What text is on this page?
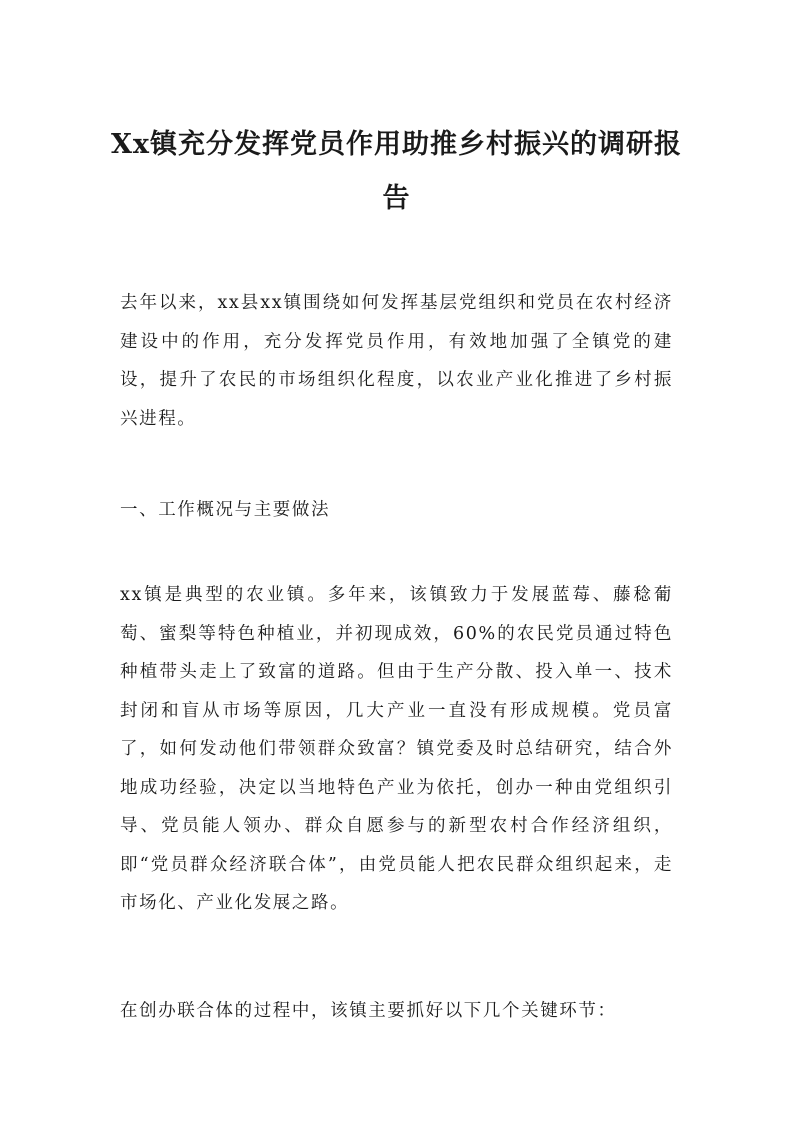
Xx镇充分发挥党员作用助推乡村振兴的调研报告

去年以来，xx县xx镇围绕如何发挥基层党组织和党员在农村经济建设中的作用，充分发挥党员作用，有效地加强了全镇党的建设，提升了农民的市场组织化程度，以农业产业化推进了乡村振兴进程。

一、工作概况与主要做法

xx镇是典型的农业镇。多年来，该镇致力于发展蓝莓、藤稔葡萄、蜜梨等特色种植业，并初现成效，60%的农民党员通过特色种植带头走上了致富的道路。但由于生产分散、投入单一、技术封闭和盲从市场等原因，几大产业一直没有形成规模。党员富了，如何发动他们带领群众致富？镇党委及时总结研究，结合外地成功经验，决定以当地特色产业为依托，创办一种由党组织引导、党员能人领办、群众自愿参与的新型农村合作经济组织，即“党员群众经济联合体”，由党员能人把农民群众组织起来，走市场化、产业化发展之路。

在创办联合体的过程中，该镇主要抓好以下几个关键环节：
